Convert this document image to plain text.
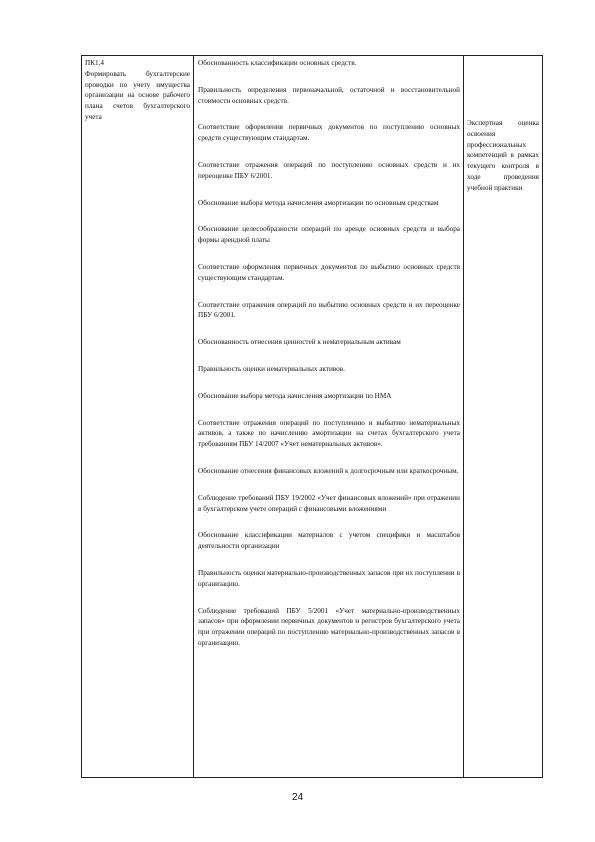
ПК1.4

Формировать бухгалтерские проводки по учету имущества организации на основе рабочего плана счетов бухгалтерского учета

Обоснованность классификации основных средств.

Правильность определения первоначальной, остаточной и восстановительной стоимости основных средств.

Соответствие оформления первичных документов по поступлению основных средств существующим стандартам.

Соответствие отражения операций по поступлению основных средств и их переоценке ПБУ 6/2001.

Обоснование выбора метода начисления амортизации по основным средствам

Обоснование целесообразности операций по аренде основных средств и выбора формы арендной платы

Соответствие оформления первичных документов по выбытию основных средств существующим стандартам.

Соответствие отражения операций по выбытию основных средств и их переоценке ПБУ 6/2001.

Обоснованность отнесения ценностей к нематериальным активам

Правильность оценки нематериальных активов.

Обоснование выбора метода начисления амортизации по НМА

Соответствие отражения операций по поступлению и выбытию нематериальных активов, а также по начислению амортизации на счетах бухгалтерского учета требованиям ПБУ 14/2007 «Учет нематериальных активов».

Обоснование отнесения финансовых вложений к долгосрочным или краткосрочным.

Соблюдение требований ПБУ 19/2002 «Учет финансовых вложений» при отражении в бухгалтерском учете операций с финансовыми вложениями

Обоснование классификации материалов с учетом специфики и масштабов деятельности организации

Правильность оценки материально-производственных запасов при их поступлении в организацию.

Соблюдение требований ПБУ 5/2001 «Учет материально-производственных запасов» при оформлении первичных документов и регистров бухгалтерского учета при отражении операций по поступлению материально-производственных запасов в организацию.

Экспертная оценка освоения профессиональных компетенций в рамках текущего контроля в ходе проведения учебной практики

24
